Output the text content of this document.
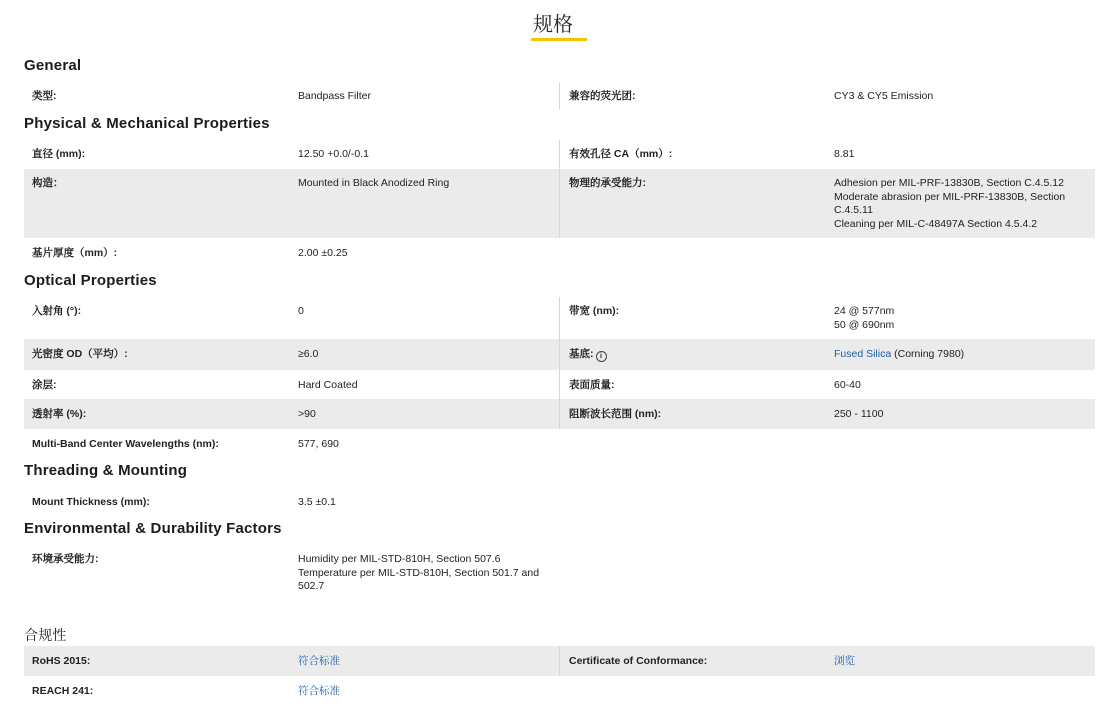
规格
General
类型:	Bandpass Filter	兼容的荧光团:	CY3 & CY5 Emission
Physical & Mechanical Properties
直径 (mm):	12.50 +0.0/-0.1	有效孔径 CA（mm）:	8.81
构造：	Mounted in Black Anodized Ring	物理的承受能力:	Adhesion per MIL-PRF-13830B, Section C.4.5.12
Moderate abrasion per MIL-PRF-13830B, Section C.4.5.11
Cleaning per MIL-C-48497A Section 4.5.4.2
基片厚度（mm）:	2.00 ±0.25
Optical Properties
入射角 (°):	0	带宽 (nm):	24 @ 577nm
50 @ 690nm
光密度 OD（平均）:	≥6.0	基底: i	Fused Silica (Corning 7980)
涂层:	Hard Coated	表面质量:	60-40
透射率 (%):	>90	阻断波长范围 (nm):	250 - 1100
Multi-Band Center Wavelengths (nm):	577, 690
Threading & Mounting
Mount Thickness (mm):	3.5 ±0.1
Environmental & Durability Factors
环境承受能力:	Humidity per MIL-STD-810H, Section 507.6
Temperature per MIL-STD-810H, Section 501.7 and 502.7
合规性
RoHS 2015:	符合标准	Certificate of Conformance:	浏览
REACH 241:	符合标准
